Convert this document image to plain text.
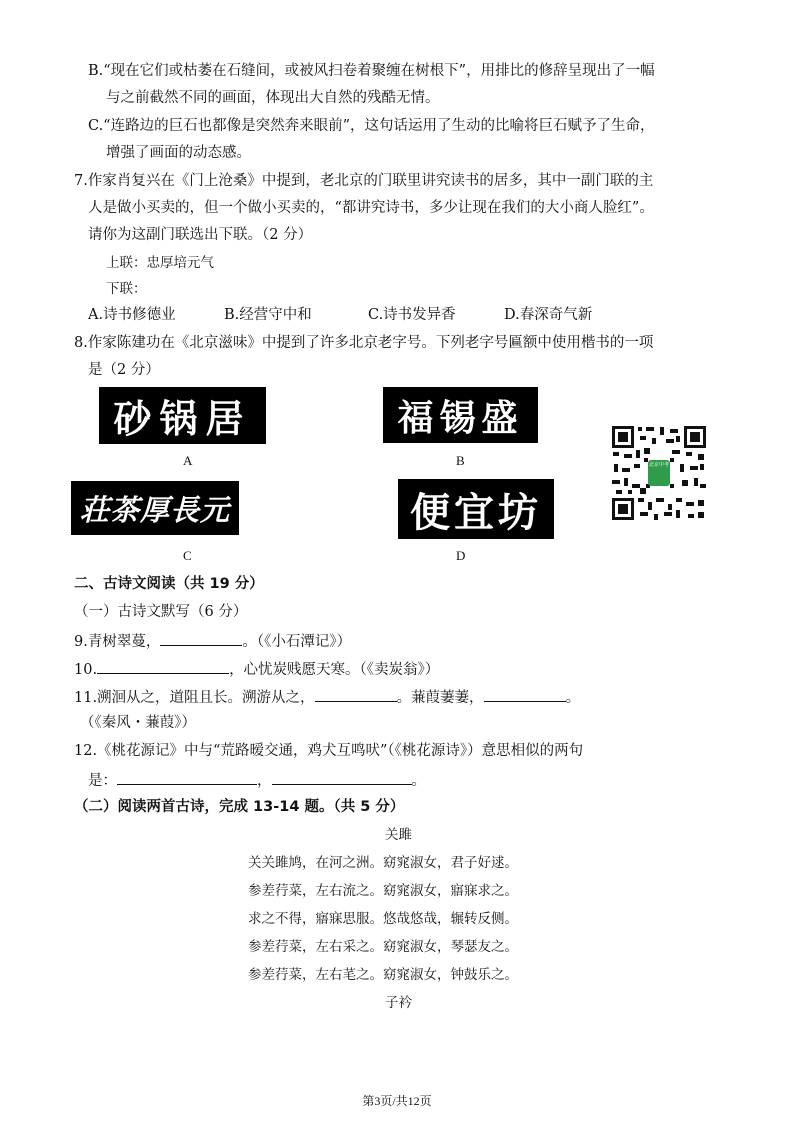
B.“现在它们或枯萎在石缝间，或被风扫卷着聚缠在树根下”，用排比的修辞呈现出了一幅
与之前截然不同的画面，体现出大自然的残酷无情。
C.“连路边的巨石也都像是突然奔来眼前”，这句话运用了生动的比喻将巨石赋予了生命，
增强了画面的动态感。
7.作家肖复兴在《门上沧桑》中提到，老北京的门联里讲究读书的居多，其中一副门联的主
人是做小买卖的，但一个做小买卖的，“都讲究诗书，多少让现在我们的大小商人脸红”。
请你为这副门联选出下联。（2 分）
上联：忠厚培元气
下联：
A.诗书修德业	B.经营守中和	C.诗书发异香	D.春深奇气新
8.作家陈建功在《北京滋味》中提到了许多北京老字号。下列老字号匾额中使用楷书的一项
是（2 分）
砂锅居
A
福锡盛
B
荘茶厚長元
C
便宜坊
D
北京中考
二、古诗文阅读（共 19 分）
（一）古诗文默写（6 分）
9.青树翠蔓，	。（《小石潭记》）
10.	，心忧炭贱愿天寒。（《卖炭翁》）
11.溯洄从之，道阻且长。溯游从之，	。蒹葭萋萋，	。
（《秦风・蒹葭》）
12.《桃花源记》中与“荒路暧交通，鸡犬互鸣吠”（《桃花源诗》）意思相似的两句
是：	，	。
（二）阅读两首古诗，完成 13-14 题。（共 5 分）
关雎
关关雎鸠，在河之洲。窈窕淑女，君子好逑。
参差荇菜，左右流之。窈窕淑女，寤寐求之。
求之不得，寤寐思服。悠哉悠哉，辗转反侧。
参差荇菜，左右采之。窈窕淑女，琴瑟友之。
参差荇菜，左右芼之。窈窕淑女，钟鼓乐之。
子衿
第3页/共12页
